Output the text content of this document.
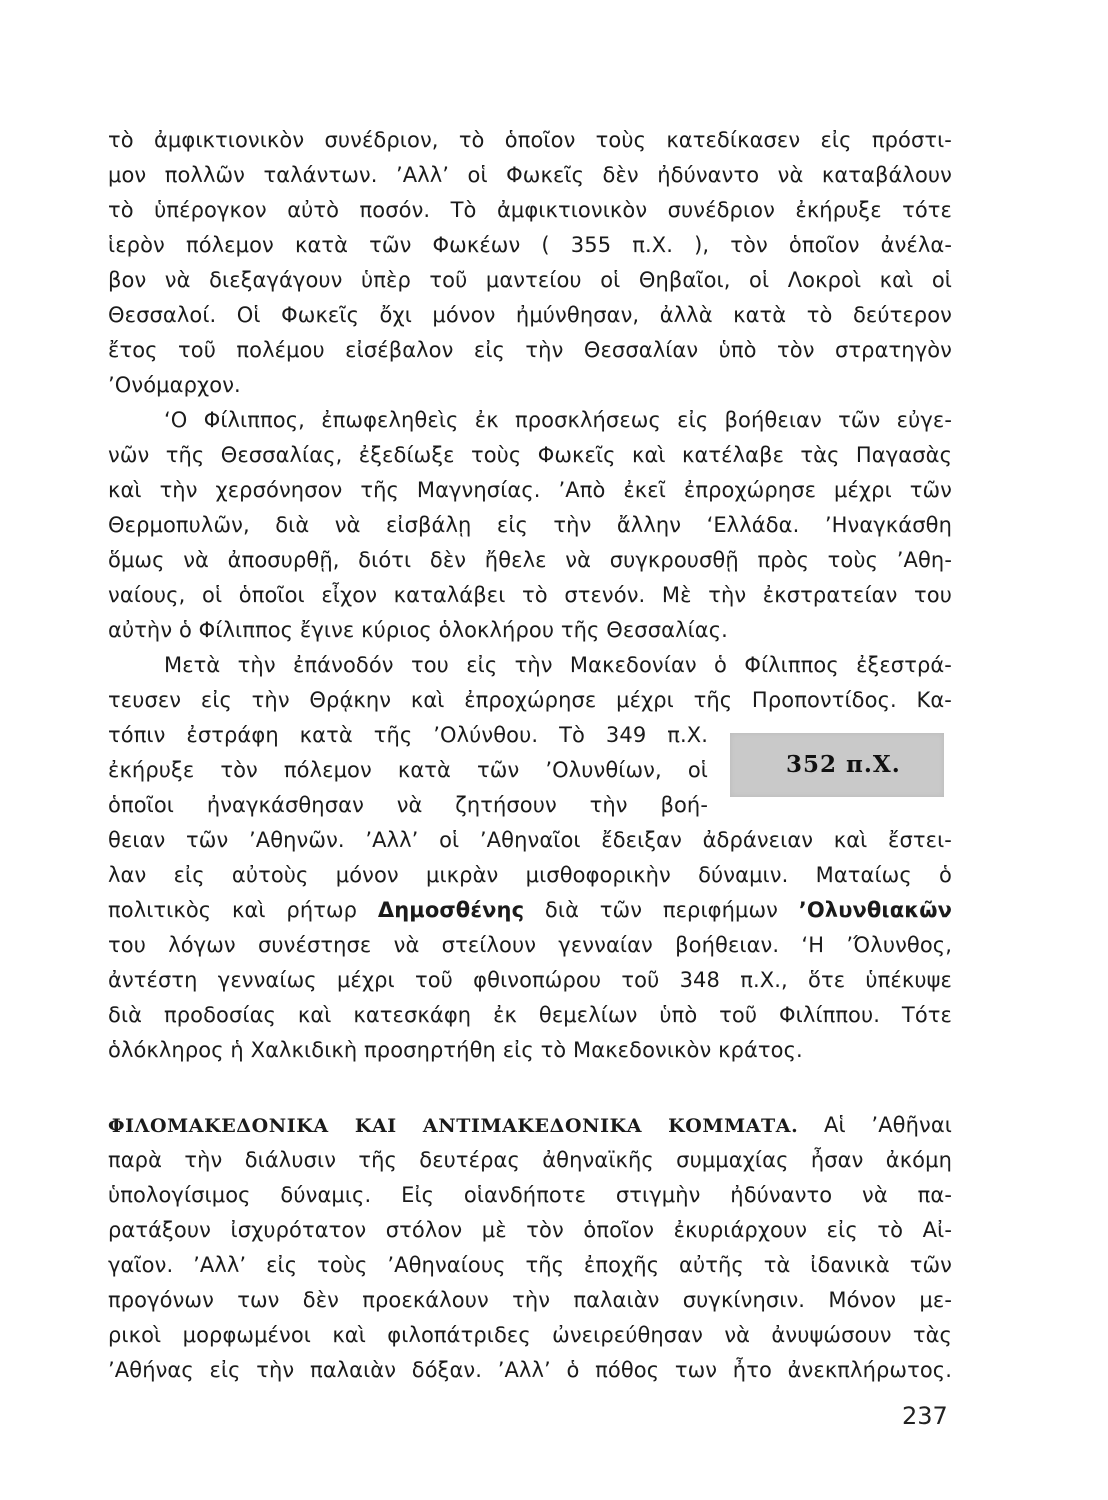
τὸ ἀμφικτιονικὸν συνέδριον, τὸ ὁποῖον τοὺς κατεδίκασεν εἰς πρόστι-
μον πολλῶν ταλάντων. ’Αλλ’ οἱ Φωκεῖς δὲν ἠδύναντο νὰ καταβάλουν
τὸ ὑπέρογκον αὐτὸ ποσόν. Τὸ ἀμφικτιονικὸν συνέδριον ἐκήρυξε τότε
ἱερὸν πόλεμον κατὰ τῶν Φωκέων ( 355 π.Χ. ), τὸν ὁποῖον ἀνέλα-
βον νὰ διεξαγάγουν ὑπὲρ τοῦ μαντείου οἱ Θηβαῖοι, οἱ Λοκροὶ καὶ οἱ
Θεσσαλοί. Οἱ Φωκεῖς ὄχι μόνον ἠμύνθησαν, ἀλλὰ κατὰ τὸ δεύτερον
ἔτος τοῦ πολέμου εἰσέβαλον εἰς τὴν Θεσσαλίαν ὑπὸ τὸν στρατηγὸν
’Ονόμαρχον.
‘Ο Φίλιππος, ἐπωφεληθεὶς ἐκ προσκλήσεως εἰς βοήθειαν τῶν εὐγε-
νῶν τῆς Θεσσαλίας, ἐξεδίωξε τοὺς Φωκεῖς καὶ κατέλαβε τὰς Παγασὰς
καὶ τὴν χερσόνησον τῆς Μαγνησίας. ’Απὸ ἐκεῖ ἐπροχώρησε μέχρι τῶν
Θερμοπυλῶν, διὰ νὰ εἰσβάλῃ εἰς τὴν ἄλλην ‘Ελλάδα. ’Ηναγκάσθη
ὅμως νὰ ἀποσυρθῇ, διότι δὲν ἤθελε νὰ συγκρουσθῇ πρὸς τοὺς ’Αθη-
ναίους, οἱ ὁποῖοι εἶχον καταλάβει τὸ στενόν. Μὲ τὴν ἐκστρατείαν του
αὐτὴν ὁ Φίλιππος ἔγινε κύριος ὁλοκλήρου τῆς Θεσσαλίας.
Μετὰ τὴν ἐπάνοδόν του εἰς τὴν Μακεδονίαν ὁ Φίλιππος ἐξεστρά-
τευσεν εἰς τὴν Θρᾴκην καὶ ἐπροχώρησε μέχρι τῆς Προποντίδος. Κα-
τόπιν ἐστράφη κατὰ τῆς ’Ολύνθου. Τὸ 349 π.Χ.
ἐκήρυξε τὸν πόλεμον κατὰ τῶν ’Ολυνθίων, οἱ
ὁποῖοι ἠναγκάσθησαν νὰ ζητήσουν τὴν βοή-
θειαν τῶν ’Αθηνῶν. ’Αλλ’ οἱ ’Αθηναῖοι ἔδειξαν ἀδράνειαν καὶ ἔστει-
λαν εἰς αὐτοὺς μόνον μικρὰν μισθοφορικὴν δύναμιν. Ματαίως ὁ
πολιτικὸς καὶ ρήτωρ Δημοσθένης διὰ τῶν περιφήμων ’Ολυνθιακῶν
του λόγων συνέστησε νὰ στείλουν γενναίαν βοήθειαν. ‘Η ’Όλυνθος,
ἀντέστη γενναίως μέχρι τοῦ φθινοπώρου τοῦ 348 π.Χ., ὅτε ὑπέκυψε
διὰ προδοσίας καὶ κατεσκάφη ἐκ θεμελίων ὑπὸ τοῦ Φιλίππου. Τότε
ὁλόκληρος ἡ Χαλκιδικὴ προσηρτήθη εἰς τὸ Μακεδονικὸν κράτος.
ΦΙΛΟΜΑΚΕΔΟΝΙΚΑ ΚΑΙ ΑΝΤΙΜΑΚΕΔΟΝΙΚΑ ΚΟΜΜΑΤΑ. Αἱ ’Αθῆναι
παρὰ τὴν διάλυσιν τῆς δευτέρας ἀθηναϊκῆς συμμαχίας ἦσαν ἀκόμη
ὑπολογίσιμος δύναμις. Εἰς οἱανδήποτε στιγμὴν ἠδύναντο νὰ πα-
ρατάξουν ἰσχυρότατον στόλον μὲ τὸν ὁποῖον ἐκυριάρχουν εἰς τὸ Αἰ-
γαῖον. ’Αλλ’ εἰς τοὺς ’Αθηναίους τῆς ἐποχῆς αὐτῆς τὰ ἰδανικὰ τῶν
προγόνων των δὲν προεκάλουν τὴν παλαιὰν συγκίνησιν. Μόνον με-
ρικοὶ μορφωμένοι καὶ φιλοπάτριδες ὠνειρεύθησαν νὰ ἀνυψώσουν τὰς
’Αθήνας εἰς τὴν παλαιὰν δόξαν. ’Αλλ’ ὁ πόθος των ἦτο ἀνεκπλήρωτος.
352 π.Χ.
237
